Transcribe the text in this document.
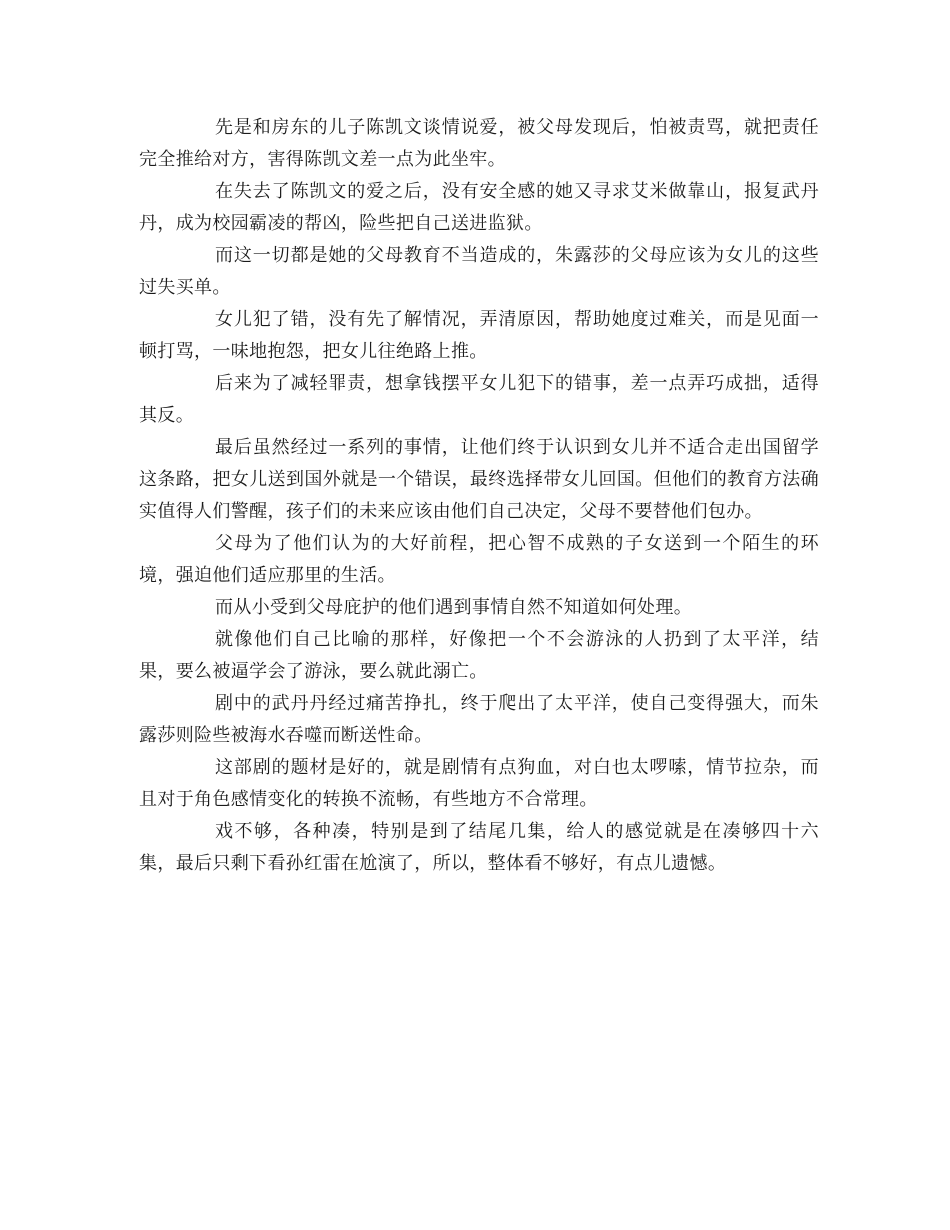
先是和房东的儿子陈凯文谈情说爱，被父母发现后，怕被责骂，就把责任完全推给对方，害得陈凯文差一点为此坐牢。

在失去了陈凯文的爱之后，没有安全感的她又寻求艾米做靠山，报复武丹丹，成为校园霸凌的帮凶，险些把自己送进监狱。

而这一切都是她的父母教育不当造成的，朱露莎的父母应该为女儿的这些过失买单。

女儿犯了错，没有先了解情况，弄清原因，帮助她度过难关，而是见面一顿打骂，一味地抱怨，把女儿往绝路上推。

后来为了减轻罪责，想拿钱摆平女儿犯下的错事，差一点弄巧成拙，适得其反。

最后虽然经过一系列的事情，让他们终于认识到女儿并不适合走出国留学这条路，把女儿送到国外就是一个错误，最终选择带女儿回国。但他们的教育方法确实值得人们警醒，孩子们的未来应该由他们自己决定，父母不要替他们包办。

父母为了他们认为的大好前程，把心智不成熟的子女送到一个陌生的环境，强迫他们适应那里的生活。

而从小受到父母庇护的他们遇到事情自然不知道如何处理。

就像他们自己比喻的那样，好像把一个不会游泳的人扔到了太平洋，结果，要么被逼学会了游泳，要么就此溺亡。

剧中的武丹丹经过痛苦挣扎，终于爬出了太平洋，使自己变得强大，而朱露莎则险些被海水吞噬而断送性命。

这部剧的题材是好的，就是剧情有点狗血，对白也太啰嗦，情节拉杂，而且对于角色感情变化的转换不流畅，有些地方不合常理。

戏不够，各种凑，特别是到了结尾几集，给人的感觉就是在凑够四十六集，最后只剩下看孙红雷在尬演了，所以，整体看不够好，有点儿遗憾。
